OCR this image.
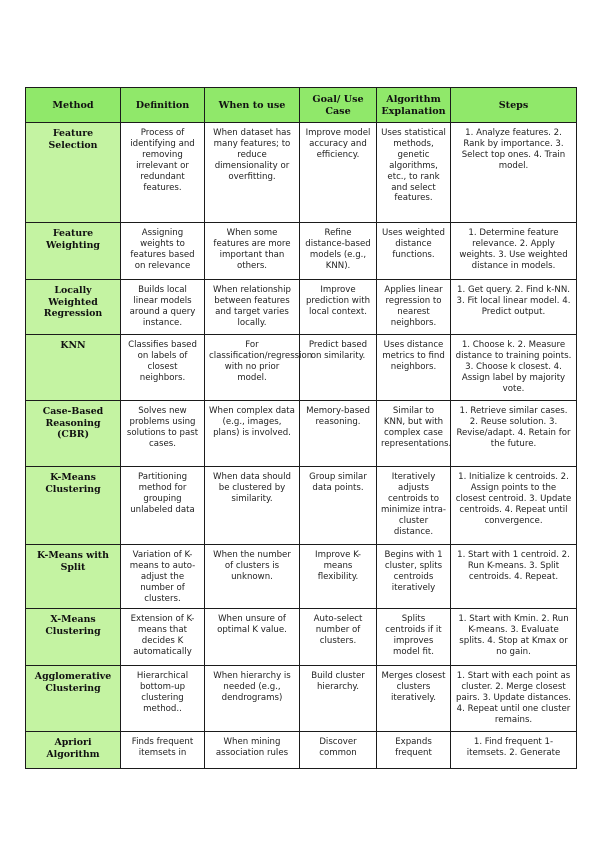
Method	Definition	When to use	Goal/ Use Case	Algorithm Explanation	Steps
Feature Selection	Process of identifying and removing irrelevant or redundant features.	When dataset has many features; to reduce dimensionality or overfitting.	Improve model accuracy and efficiency.	Uses statistical methods, genetic algorithms, etc., to rank and select features.	1. Analyze features. 2. Rank by importance. 3. Select top ones. 4. Train model.
Feature Weighting	Assigning weights to features based on relevance	When some features are more important than others.	Refine distance-based models (e.g., KNN).	Uses weighted distance functions.	1. Determine feature relevance. 2. Apply weights. 3. Use weighted distance in models.
Locally Weighted Regression	Builds local linear models around a query instance.	When relationship between features and target varies locally.	Improve prediction with local context.	Applies linear regression to nearest neighbors.	1. Get query. 2. Find k-NN. 3. Fit local linear model. 4. Predict output.
KNN	Classifies based on labels of closest neighbors.	For classification/regression with no prior model.	Predict based on similarity.	Uses distance metrics to find neighbors.	1. Choose k. 2. Measure distance to training points. 3. Choose k closest. 4. Assign label by majority vote.
Case-Based Reasoning (CBR)	Solves new problems using solutions to past cases.	When complex data (e.g., images, plans) is involved.	Memory-based reasoning.	Similar to KNN, but with complex case representations.	1. Retrieve similar cases. 2. Reuse solution. 3. Revise/adapt. 4. Retain for the future.
K-Means Clustering	Partitioning method for grouping unlabeled data	When data should be clustered by similarity.	Group similar data points.	Iteratively adjusts centroids to minimize intra-cluster distance.	1. Initialize k centroids. 2. Assign points to the closest centroid. 3. Update centroids. 4. Repeat until convergence.
K-Means with Split	Variation of K-means to auto-adjust the number of clusters.	When the number of clusters is unknown.	Improve K-means flexibility.	Begins with 1 cluster, splits centroids iteratively	1. Start with 1 centroid. 2. Run K-means. 3. Split centroids. 4. Repeat.
X-Means Clustering	Extension of K-means that decides K automatically	When unsure of optimal K value.	Auto-select number of clusters.	Splits centroids if it improves model fit.	1. Start with Kmin. 2. Run K-means. 3. Evaluate splits. 4. Stop at Kmax or no gain.
Agglomerative Clustering	Hierarchical bottom-up clustering method..	When hierarchy is needed (e.g., dendrograms)	Build cluster hierarchy.	Merges closest clusters iteratively.	1. Start with each point as cluster. 2. Merge closest pairs. 3. Update distances. 4. Repeat until one cluster remains.
Apriori Algorithm	Finds frequent itemsets in	When mining association rules	Discover common	Expands frequent	1. Find frequent 1-itemsets. 2. Generate
